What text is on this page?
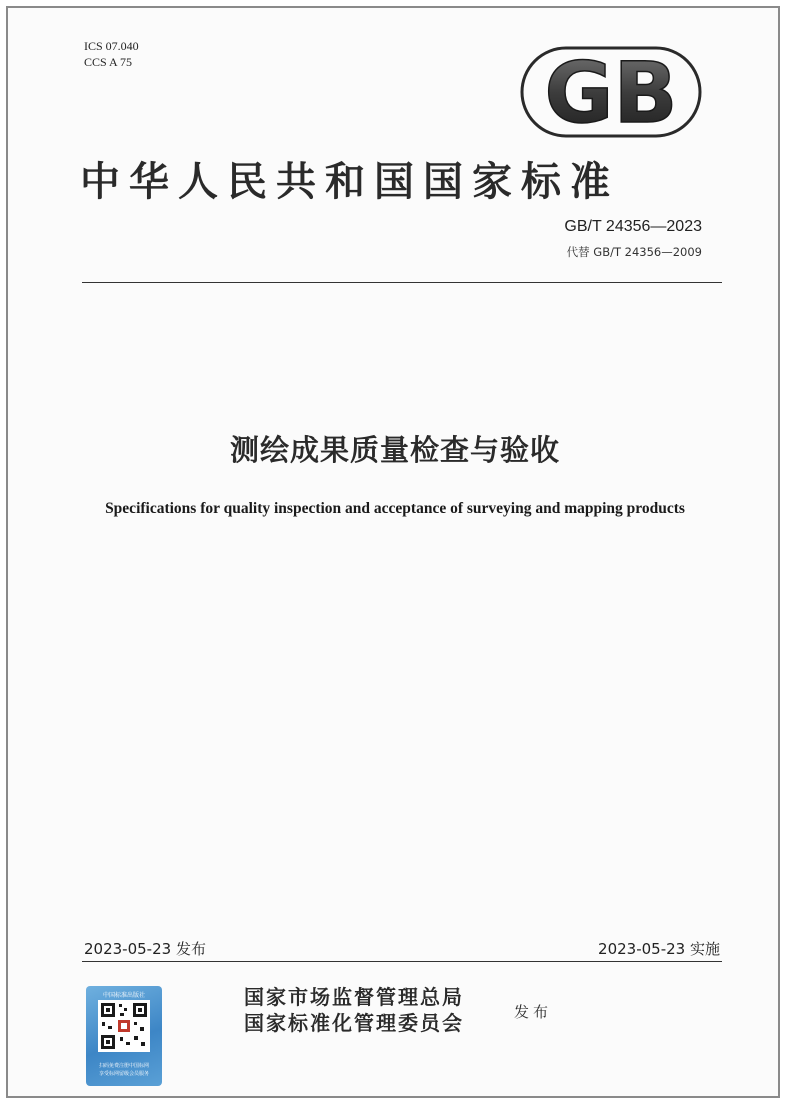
ICS 07.040
CCS A 75	GB
中华人民共和国国家标准
GB/T 24356—2023
代替 GB/T 24356—2009
测绘成果质量检查与验收
Specifications for quality inspection and acceptance of surveying and mapping products
2023-05-23 发布	2023-05-23 实施
中国标准出版社
扫码免费注册中国标网
享受标网留级会员服务
国家市场监督管理总局
国家标准化管理委员会	发布
